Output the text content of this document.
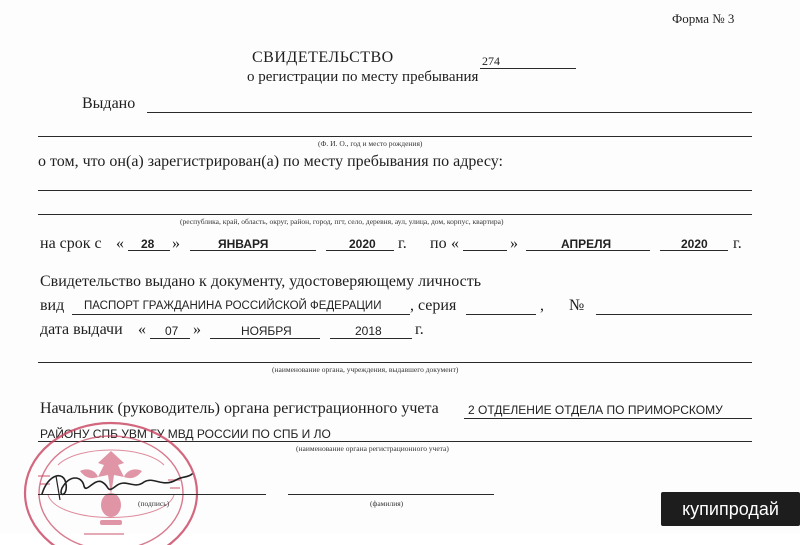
Форма № 3
СВИДЕТЕЛЬСТВО	274
о регистрации по месту пребывания
Выдано
(Ф. И. О., год и место рождения)
о том, что он(а) зарегистрирован(а) по месту пребывания по адресу:
(республика, край, область, округ, район, город, пгт, село, деревня, аул, улица, дом, корпус, квартира)
на срок с « 28 »	ЯНВАРЯ	2020 г. по «	»	АПРЕЛЯ	2020 г.
Свидетельство выдано к документу, удостоверяющему личность
вид ПАСПОРТ ГРАЖДАНИНА РОССИЙСКОЙ ФЕДЕРАЦИИ , серия	, №
дата выдачи « 07 »	НОЯБРЯ	2018 г.
(наименование органа, учреждения, выдавшего документ)
Начальник (руководитель) органа регистрационного учета 2 ОТДЕЛЕНИЕ ОТДЕЛА ПО ПРИМОРСКОМУ
РАЙОНУ СПБ УВМ ГУ МВД РОССИИ ПО СПБ И ЛО
(наименование органа регистрационного учета)
(подпись)	(фамилия)	купипродай
